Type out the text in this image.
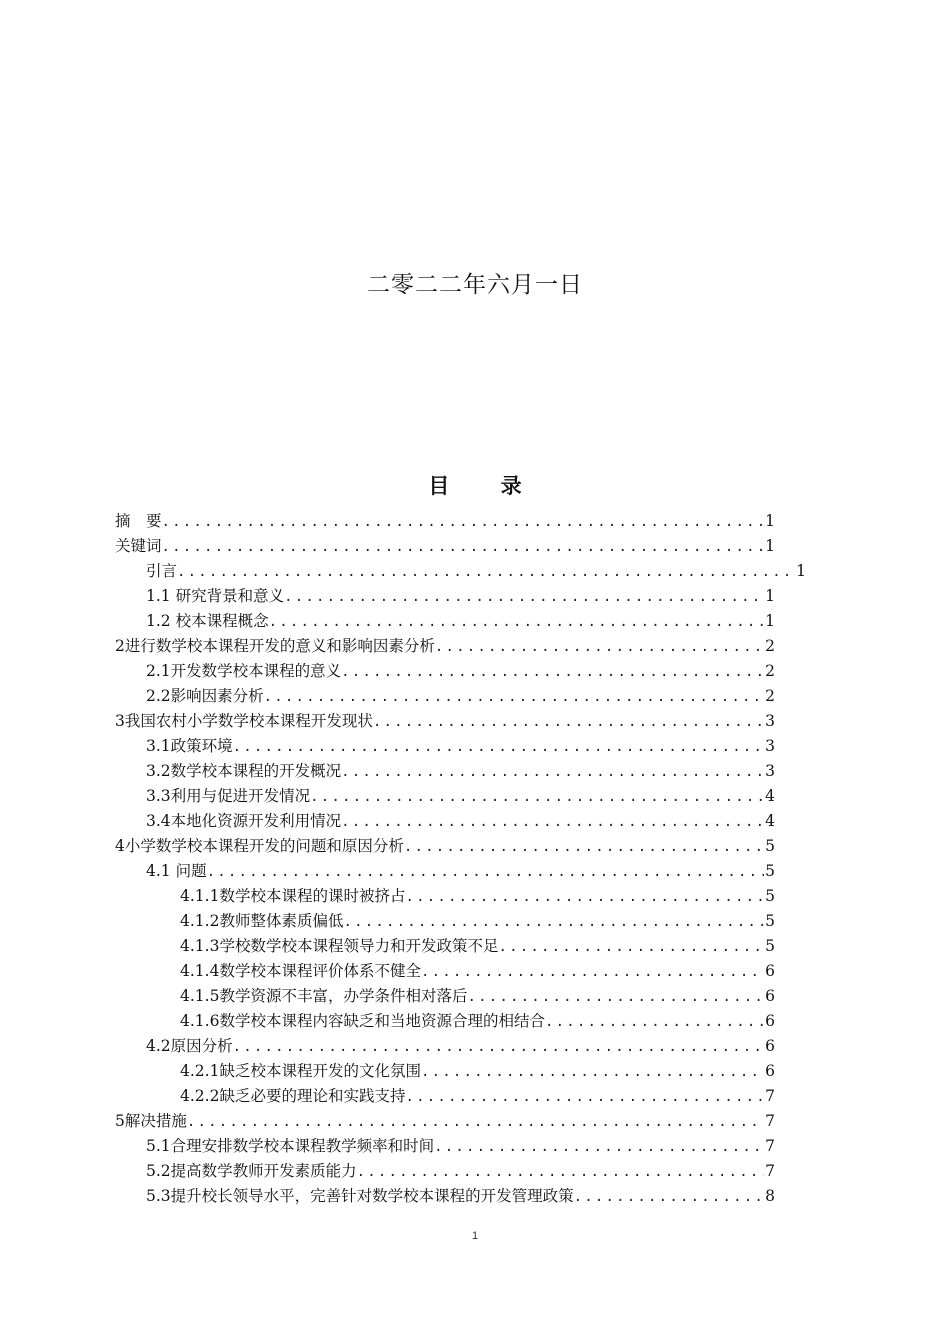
二零二二年六月一日
目 录
摘　要 .....	1
关键词 .....	1
引言 .....	1
1.1 研究背景和意义 .....	1
1.2 校本课程概念 .....	1
2进行数学校本课程开发的意义和影响因素分析 .....	2
2.1开发数学校本课程的意义 .....	2
2.2影响因素分析 .....	2
3我国农村小学数学校本课程开发现状 .....	3
3.1政策环境 .....	3
3.2数学校本课程的开发概况 .....	3
3.3利用与促进开发情况 .....	4
3.4本地化资源开发利用情况 .....	4
4小学数学校本课程开发的问题和原因分析 .....	5
4.1 问题 .....	5
4.1.1数学校本课程的课时被挤占 .....	5
4.1.2教师整体素质偏低 .....	5
4.1.3学校数学校本课程领导力和开发政策不足 .....	5
4.1.4数学校本课程评价体系不健全 .....	6
4.1.5教学资源不丰富，办学条件相对落后 .....	6
4.1.6数学校本课程内容缺乏和当地资源合理的相结合 .....	6
4.2原因分析 .....	6
4.2.1缺乏校本课程开发的文化氛围 .....	6
4.2.2缺乏必要的理论和实践支持 .....	7
5解决措施 .....	7
5.1合理安排数学校本课程教学频率和时间 .....	7
5.2提高数学教师开发素质能力 .....	7
5.3提升校长领导水平，完善针对数学校本课程的开发管理政策 .....	8
1
